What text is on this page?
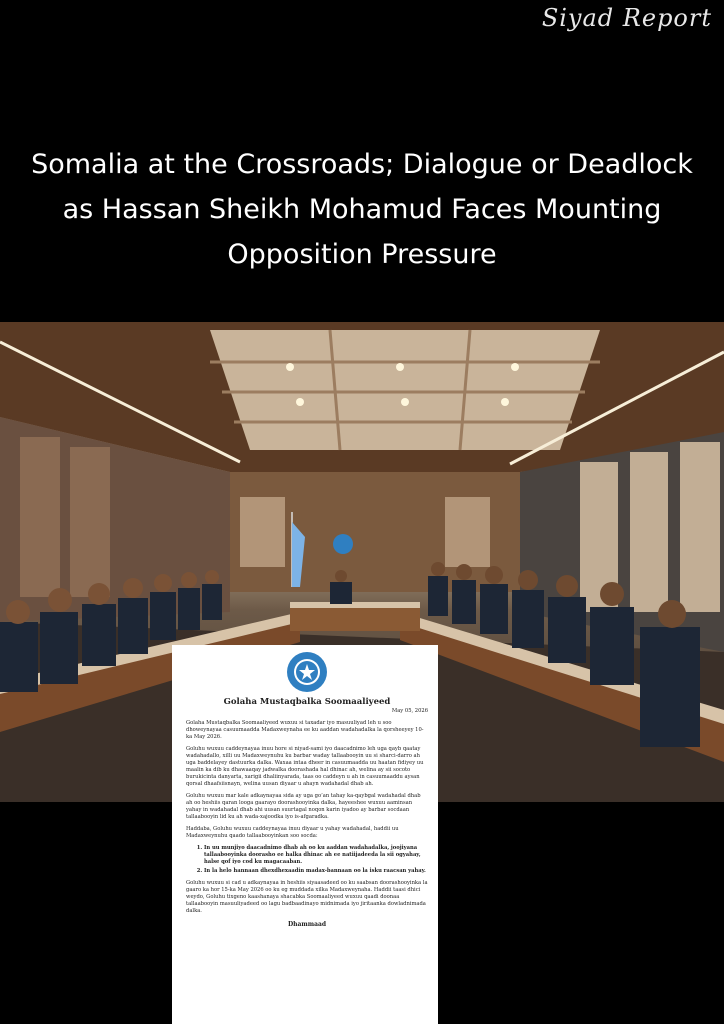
Siyad Report
Somalia at the Crossroads; Dialogue or Deadlock as Hassan Sheikh Mohamud Faces Mounting Opposition Pressure
Golaha Mustaqbalka Soomaaliyeed
May 05, 2026

Golaha Mustaqbalka Soomaaliyeed wuxuu si taxadar iyo masuuliyad leh u soo dhoweynayaa casuumaadda Madaxweynaha ee ku aaddan wadahadalka la qorsheeyey 10-ka May 2026.

Goluhu wuxuu caddeynayaa inuu hore si niyad-sami iyo daacadnimo leh uga qayb qaatay wadahadallo, xilli uu Madaxweynuhu ku barbar waday tallaabooyin uu si sharci-darro ah uga baddelayey dastuurka dalka. Waxaa intaa dheer in casuumaadda uu haatan fidiyey uu maalin ka dib ku dhawaaqay jadwalka doorashada hal dhinac ah, welina ay sii socoto burukicinta danyarta, xarigii dhaliinyarada, taas oo caddeyn u ah in casuumaaddu aysan qorsal dhaafsiisnayn, welina uusan diyaar u ahayn wadahadal dhab ah.

Goluhu wuxuu mar kale adkaynayaa sida ay uga go’an tahay ka-qaybgal wadahadal dhab ah oo heshiis qaran looga gaarayo doorashooyinka dalka, hayeeshee wuxuu aaminsan yahay in wadahadal dhab ahi uusan suurtagal noqon karin iyadoo ay barbar socdaan tallaabooyin lid ku ah wada-xajoodka iyo is-afgaradka.

Haddaba, Goluhu wuxuu caddeynayaa inuu diyaar u yahay wadahadal, haddii uu Madaxweynuhu qaado tallaabooyinkan soo socda:

1. In uu munjiyo daacadnimo dhab ah oo ku aaddan wadahadalka, joojiyana tallaabooyinka doorasho ee halka dhinac ah ee natiijadeeda la sii ogyahay, halse qof iyo cod ku magacaaban.
2. In la helo hannaan dhexdhexaadin madax-bannaan oo la isku raacsan yahay.

Goluhu wuxuu si cad u adkaynayaa in heshiis siyaasadeed oo ku saabsan doorashooyinka la gaaro ka hor 15-ka May 2026 oo ku eg muddada xilka Madaxweynaha. Haddii taasi dhici weydo, Goluhu tixgeno kaashanaya shacabka Soomaaliyeed wuxuu qaadi doonaa tallaabooyin masuuliyadeed oo lagu badbaadinayo midnimada iyo jiritaanka dowladnimada dalka.

Dhammaad
